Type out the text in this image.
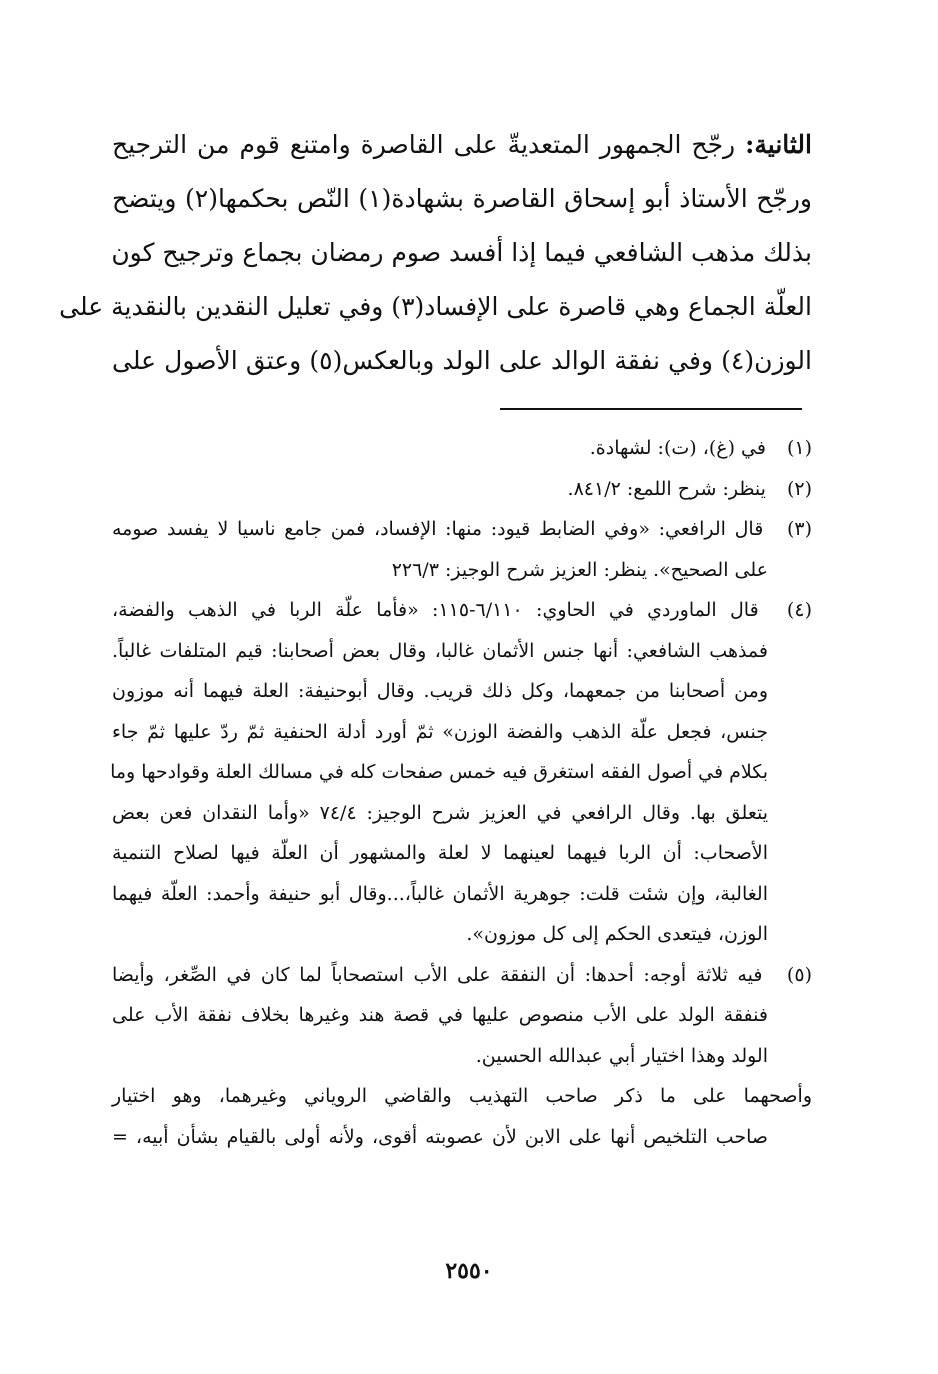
الثانية: رجّح الجمهور المتعديةّ على القاصرة وامتنع قوم من الترجيح
ورجّح الأستاذ أبو إسحاق القاصرة بشهادة(١) النّص بحكمها(٢) ويتضح
بذلك مذهب الشافعي فيما إذا أفسد صوم رمضان بجماع وترجيح كون
العلّة الجماع وهي قاصرة على الإفساد(٣) وفي تعليل النقدين بالنقدية على
الوزن(٤) وفي نفقة الوالد على الولد وبالعكس(٥) وعتق الأصول على
(١) في (غ)، (ت): لشهادة.
(٢) ينظر: شرح اللمع: ٨٤١/٢.
(٣) قال الرافعي: «وفي الضابط قيود: منها: الإفساد، فمن جامع ناسيا لا يفسد صومه
على الصحيح». ينظر: العزيز شرح الوجيز: ٢٢٦/٣
(٤) قال الماوردي في الحاوي: ٦/١١٠-١١٥: «فأما علّة الربا في الذهب والفضة،
فمذهب الشافعي: أنها جنس الأثمان غالبا، وقال بعض أصحابنا: قيم المتلفات غالباً.
ومن أصحابنا من جمعهما، وكل ذلك قريب. وقال أبوحنيفة: العلة فيهما أنه موزون
جنس، فجعل علّة الذهب والفضة الوزن» ثمّ أورد أدلة الحنفية ثمّ ردّ عليها ثمّ جاء
بكلام في أصول الفقه استغرق فيه خمس صفحات كله في مسالك العلة وقوادحها وما
يتعلق بها. وقال الرافعي في العزيز شرح الوجيز: ٧٤/٤ «وأما النقدان فعن بعض
الأصحاب: أن الربا فيهما لعينهما لا لعلة والمشهور أن العلّة فيها لصلاح التنمية
الغالبة، وإن شئت قلت: جوهرية الأثمان غالباً،...وقال أبو حنيفة وأحمد: العلّة فيهما
الوزن، فيتعدى الحكم إلى كل موزون».
(٥) فيه ثلاثة أوجه: أحدها: أن النفقة على الأب استصحاباً لما كان في الصِّغر، وأيضا
فنفقة الولد على الأب منصوص عليها في قصة هند وغيرها بخلاف نفقة الأب على
الولد وهذا اختيار أبي عبدالله الحسين.
وأصحهما على ما ذكر صاحب التهذيب والقاضي الروياني وغيرهما، وهو اختيار
صاحب التلخيص أنها على الابن لأن عصوبته أقوى، ولأنه أولى بالقيام بشأن أبيه، =
٢٥٥٠
